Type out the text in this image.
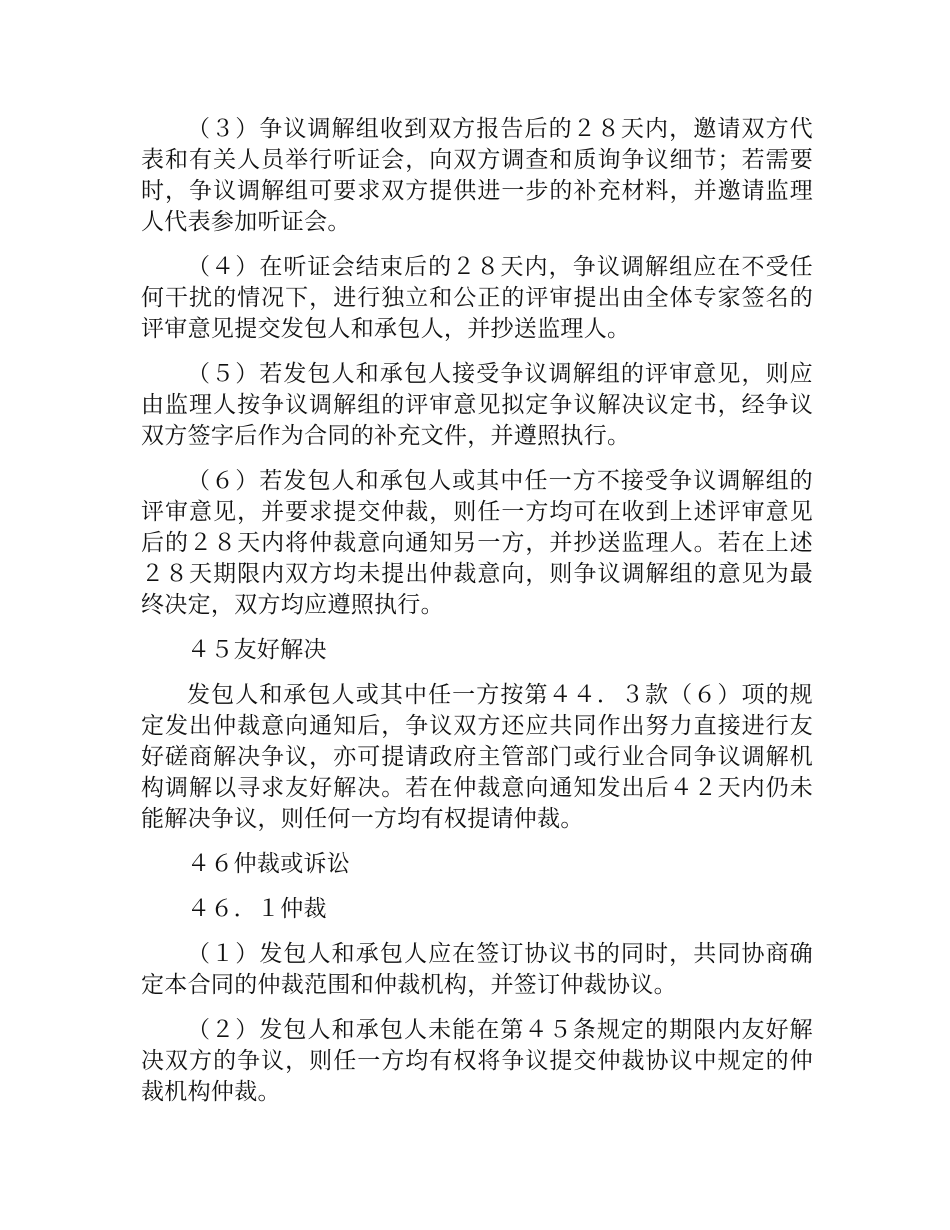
（３）争议调解组收到双方报告后的２８天内，邀请双方代表和有关人员举行听证会，向双方调查和质询争议细节；若需要时，争议调解组可要求双方提供进一步的补充材料，并邀请监理人代表参加听证会。

（４）在听证会结束后的２８天内，争议调解组应在不受任何干扰的情况下，进行独立和公正的评审提出由全体专家签名的评审意见提交发包人和承包人，并抄送监理人。

（５）若发包人和承包人接受争议调解组的评审意见，则应由监理人按争议调解组的评审意见拟定争议解决议定书，经争议双方签字后作为合同的补充文件，并遵照执行。

（６）若发包人和承包人或其中任一方不接受争议调解组的评审意见，并要求提交仲裁，则任一方均可在收到上述评审意见后的２８天内将仲裁意向通知另一方，并抄送监理人。若在上述２８天期限内双方均未提出仲裁意向，则争议调解组的意见为最终决定，双方均应遵照执行。

４５友好解决

发包人和承包人或其中任一方按第４４．３款（６）项的规定发出仲裁意向通知后，争议双方还应共同作出努力直接进行友好磋商解决争议，亦可提请政府主管部门或行业合同争议调解机构调解以寻求友好解决。若在仲裁意向通知发出后４２天内仍未能解决争议，则任何一方均有权提请仲裁。

４６仲裁或诉讼

４６．１仲裁

（１）发包人和承包人应在签订协议书的同时，共同协商确定本合同的仲裁范围和仲裁机构，并签订仲裁协议。

（２）发包人和承包人未能在第４５条规定的期限内友好解决双方的争议，则任一方均有权将争议提交仲裁协议中规定的仲裁机构仲裁。
